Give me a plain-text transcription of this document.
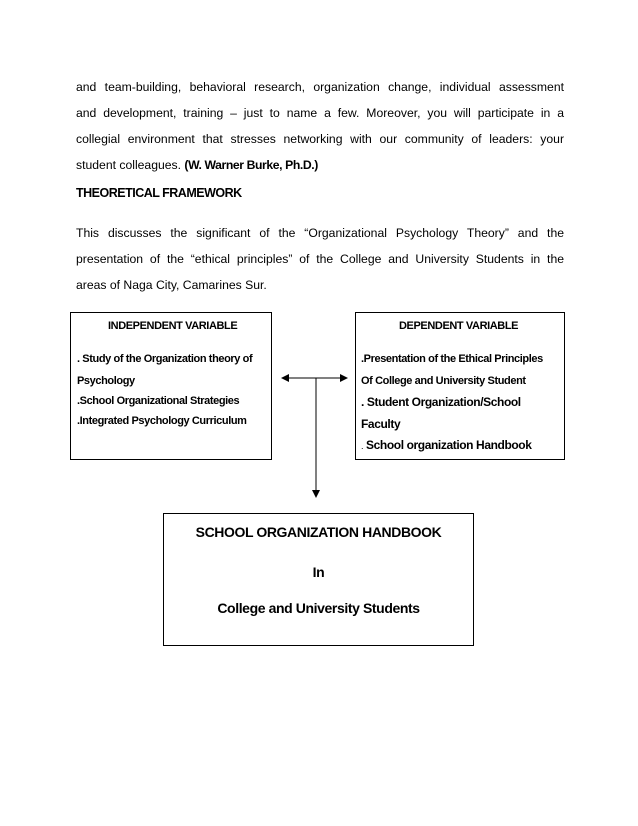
and team-building, behavioral research, organization change, individual assessment
and development, training – just to name a few. Moreover, you will participate in a
collegial environment that stresses networking with our community of leaders: your
student colleagues. (W. Warner Burke, Ph.D.)
THEORETICAL FRAMEWORK
This discusses the significant of the “Organizational Psychology Theory” and the
presentation of the “ethical principles” of the College and University Students in the
areas of Naga City, Camarines Sur.
INDEPENDENT VARIABLE
. Study of the Organization theory of
Psychology
.School Organizational Strategies
.Integrated Psychology Curriculum
DEPENDENT VARIABLE
.Presentation of the Ethical Principles
Of College and University Student
. Student Organization/School
Faculty
. School organization Handbook
SCHOOL ORGANIZATION HANDBOOK
In
College and University Students
